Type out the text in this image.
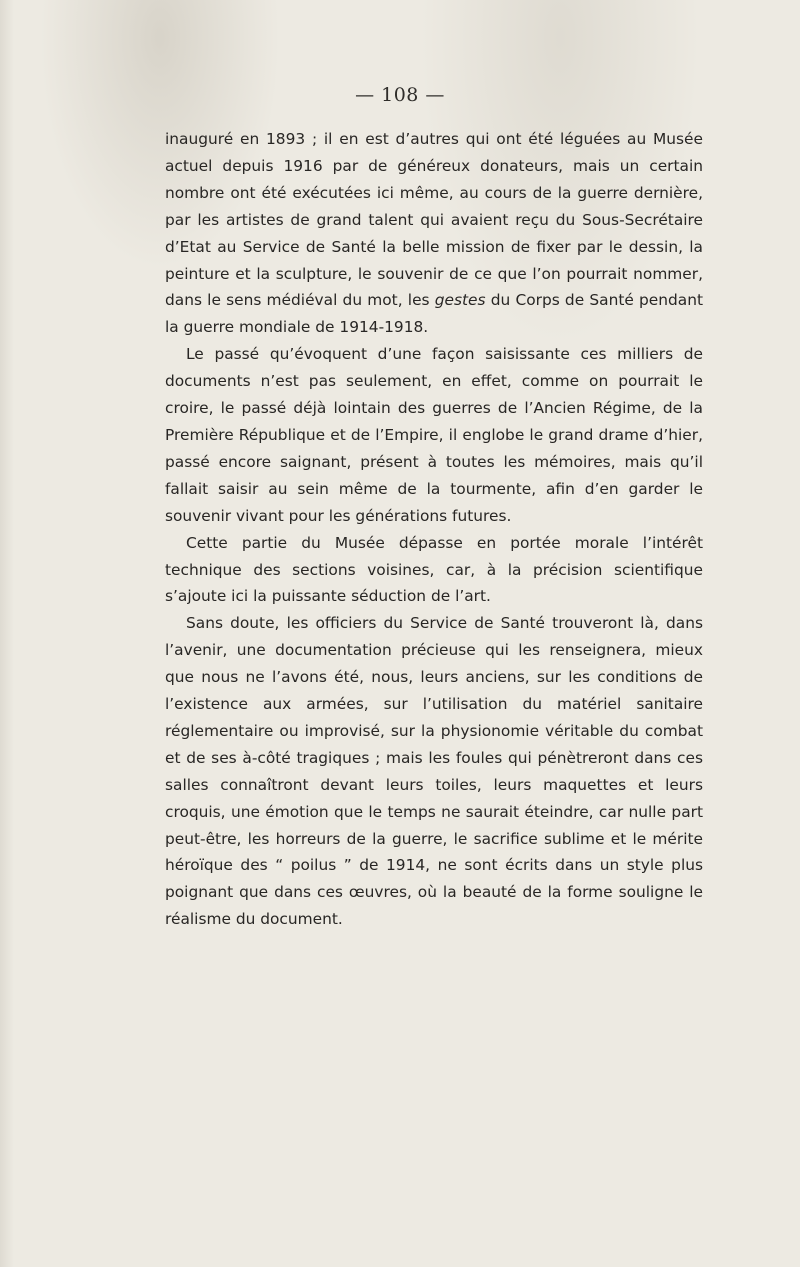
— 108 —

inauguré en 1893 ; il en est d’autres qui ont été léguées au Musée actuel depuis 1916 par de généreux donateurs, mais un certain nombre ont été exécutées ici même, au cours de la guerre dernière, par les artistes de grand talent qui avaient reçu du Sous-Secrétaire d’Etat au Service de Santé la belle mission de fixer par le dessin, la peinture et la sculpture, le souvenir de ce que l’on pourrait nommer, dans le sens médiéval du mot, les gestes du Corps de Santé pendant la guerre mondiale de 1914-1918.

Le passé qu’évoquent d’une façon saisissante ces milliers de documents n’est pas seulement, en effet, comme on pourrait le croire, le passé déjà lointain des guerres de l’Ancien Régime, de la Première République et de l’Empire, il englobe le grand drame d’hier, passé encore saignant, présent à toutes les mémoires, mais qu’il fallait saisir au sein même de la tourmente, afin d’en garder le souvenir vivant pour les générations futures.

Cette partie du Musée dépasse en portée morale l’intérêt technique des sections voisines, car, à la précision scientifique s’ajoute ici la puissante séduction de l’art.

Sans doute, les officiers du Service de Santé trouveront là, dans l’avenir, une documentation précieuse qui les renseignera, mieux que nous ne l’avons été, nous, leurs anciens, sur les conditions de l’existence aux armées, sur l’utilisation du matériel sanitaire réglementaire ou improvisé, sur la physionomie véritable du combat et de ses à-côté tragiques ; mais les foules qui pénètreront dans ces salles connaîtront devant leurs toiles, leurs maquettes et leurs croquis, une émotion que le temps ne saurait éteindre, car nulle part peut-être, les horreurs de la guerre, le sacrifice sublime et le mérite héroïque des “ poilus ” de 1914, ne sont écrits dans un style plus poignant que dans ces œuvres, où la beauté de la forme souligne le réalisme du document.
